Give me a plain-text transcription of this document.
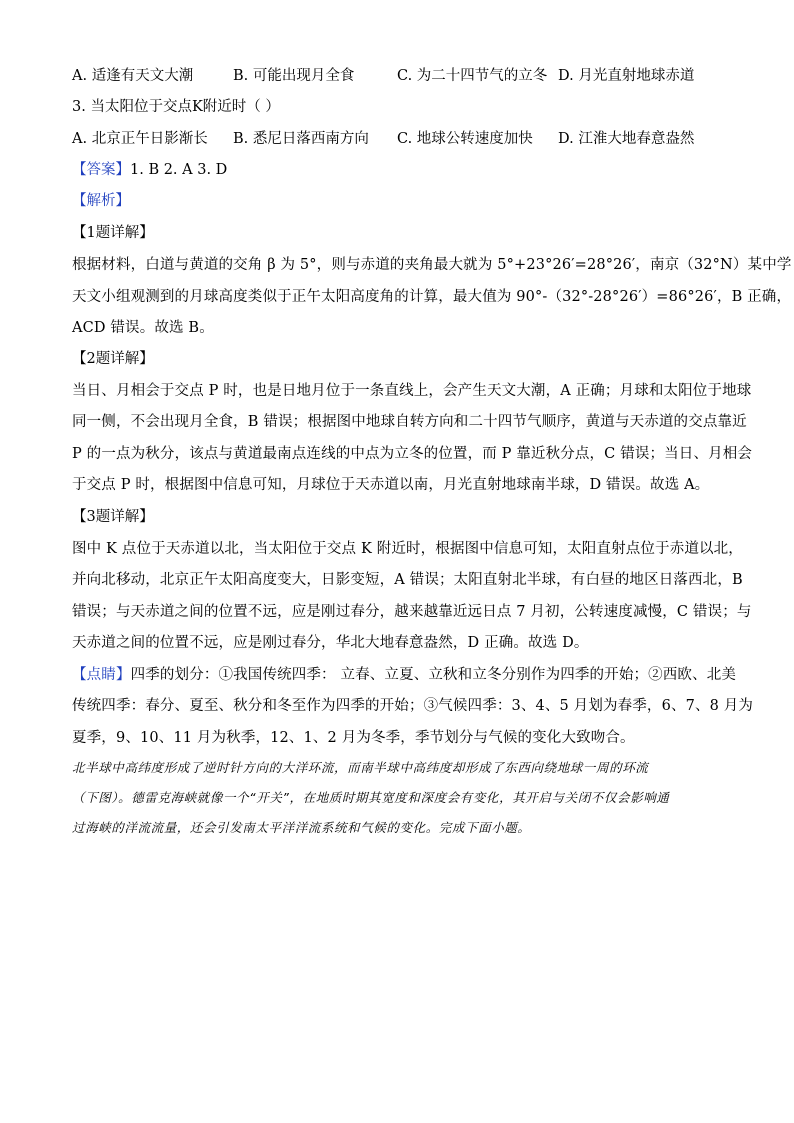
A. 适逢有天文大潮	B. 可能出现月全食	C. 为二十四节气的立冬 D. 月光直射地球赤道
3. 当太阳位于交点K附近时（ ）
A. 北京正午日影渐长 B. 悉尼日落西南方向 C. 地球公转速度加快 D. 江淮大地春意盎然
【答案】1. B 2. A 3. D
【解析】
【1题详解】
根据材料，白道与黄道的交角 β 为 5°，则与赤道的夹角最大就为 5°+23°26′=28°26′，南京（32°N）某中学
天文小组观测到的月球高度类似于正午太阳高度角的计算，最大值为 90°-（32°-28°26′）=86°26′，B 正确，
ACD 错误。故选 B。
【2题详解】
当日、月相会于交点 P 时，也是日地月位于一条直线上，会产生天文大潮，A 正确；月球和太阳位于地球
同一侧，不会出现月全食，B 错误；根据图中地球自转方向和二十四节气顺序，黄道与天赤道的交点靠近
P 的一点为秋分，该点与黄道最南点连线的中点为立冬的位置，而 P 靠近秋分点，C 错误；当日、月相会
于交点 P 时，根据图中信息可知，月球位于天赤道以南，月光直射地球南半球，D 错误。故选 A。
【3题详解】
图中 K 点位于天赤道以北，当太阳位于交点 K 附近时，根据图中信息可知，太阳直射点位于赤道以北，
并向北移动，北京正午太阳高度变大，日影变短，A 错误；太阳直射北半球，有白昼的地区日落西北，B
错误；与天赤道之间的位置不远，应是刚过春分，越来越靠近远日点 7 月初，公转速度减慢，C 错误；与
天赤道之间的位置不远，应是刚过春分，华北大地春意盎然，D 正确。故选 D。
【点睛】四季的划分：①我国传统四季： 立春、立夏、立秋和立冬分别作为四季的开始；②西欧、北美
传统四季：春分、夏至、秋分和冬至作为四季的开始；③气候四季：3、4、5 月划为春季，6、7、8 月为
夏季，9、10、11 月为秋季，12、1、2 月为冬季，季节划分与气候的变化大致吻合。
北半球中高纬度形成了逆时针方向的大洋环流，而南半球中高纬度却形成了东西向绕地球一周的环流
（下图）。德雷克海峡就像一个“开关”，在地质时期其宽度和深度会有变化，其开启与关闭不仅会影响通
过海峡的洋流流量，还会引发南太平洋洋流系统和气候的变化。完成下面小题。
